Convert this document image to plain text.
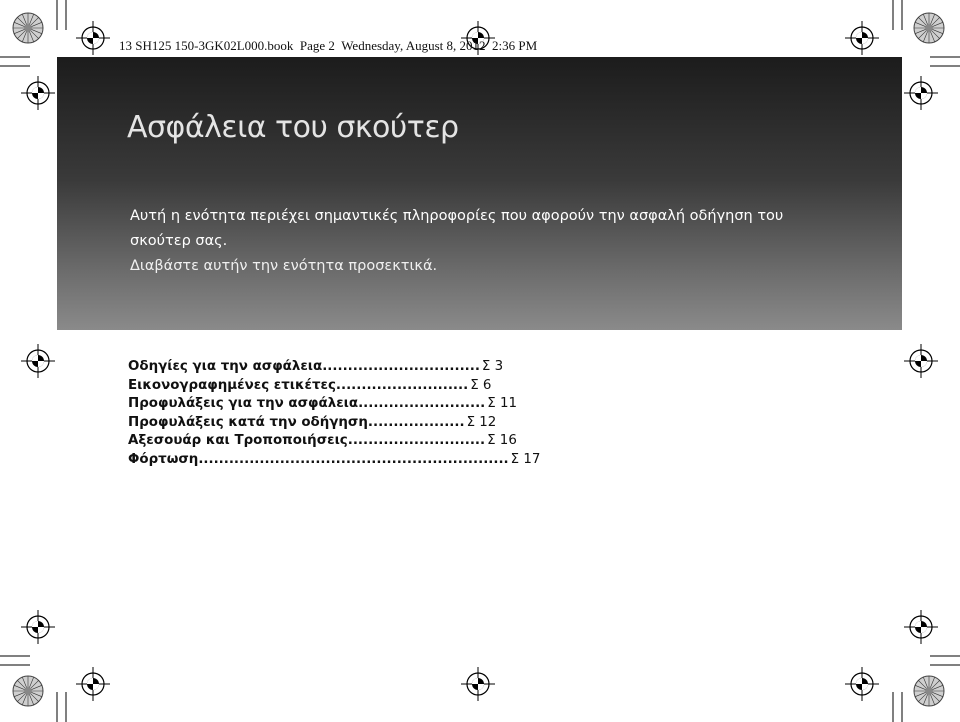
13 SH125 150-3GK02L000.book  Page 2  Wednesday, August 8, 2012  2:36 PM
Ασφάλεια του σκούτερ

Αυτή η ενότητα περιέχει σημαντικές πληροφορίες που αφορούν την ασφαλή οδήγηση του σκούτερ σας.

Διαβάστε αυτήν την ενότητα προσεκτικά.

Οδηγίες για την ασφάλεια ............................... Σ 3
Εικονογραφημένες ετικέτες .......................... Σ 6
Προφυλάξεις για την ασφάλεια ......................... Σ 11
Προφυλάξεις κατά την οδήγηση ................... Σ 12
Αξεσουάρ και Τροποποιήσεις ........................... Σ 16
Φόρτωση ............................................................. Σ 17
